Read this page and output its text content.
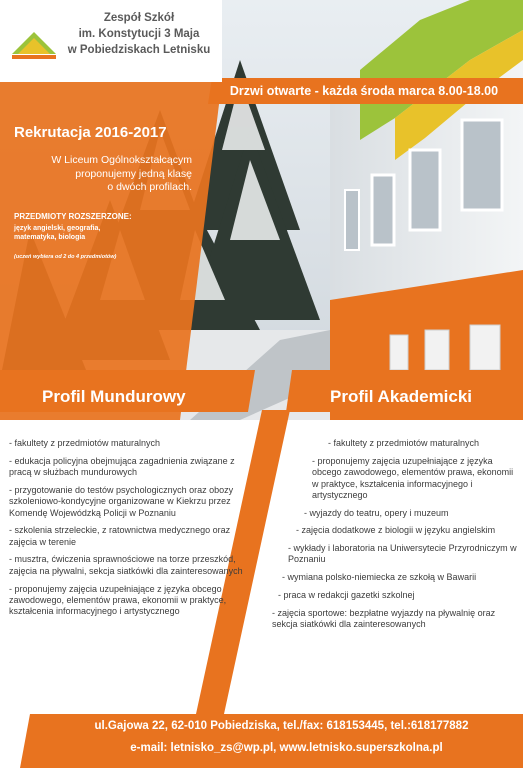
Zespół Szkół
im. Konstytucji 3 Maja
w Pobiedziskach Letnisku
Drzwi otwarte - każda środa marca 8.00-18.00
Rekrutacja 2016-2017
W Liceum Ogólnokształcącym
proponujemy jedną klasę
o dwóch profilach.
PRZEDMIOTY ROZSZERZONE:
język angielski, geografia,
matematyka, biologia
(uczeń wybiera od 2 do 4 przedmiotów)
Profil Mundurowy	Profil Akademicki
- fakultety z przedmiotów maturalnych
- edukacja policyjna obejmująca zagadnienia związane z pracą w służbach mundurowych
- przygotowanie do testów psychologicznych oraz obozy szkoleniowo-kondycyjne organizowane w Kiekrzu przez Komendę Wojewódzką Policji w Poznaniu
- szkolenia strzeleckie, z ratownictwa medycznego oraz zajęcia w terenie
- musztra, ćwiczenia sprawnościowe na torze przeszkód, zajęcia na pływalni, sekcja siatkówki dla zainteresowanych
- proponujemy zajęcia uzupełniające z języka obcego zawodowego, elementów prawa, ekonomii w praktyce, kształcenia informacyjnego i artystycznego
- fakultety z przedmiotów maturalnych
- proponujemy zajęcia uzupełniające z języka obcego zawodowego, elementów prawa, ekonomii w praktyce, kształcenia informacyjnego i artystycznego
- wyjazdy do teatru, opery i muzeum
- zajęcia dodatkowe z biologii w języku angielskim
- wykłady i laboratoria na Uniwersytecie Przyrodniczym w Poznaniu
- wymiana polsko-niemiecka ze szkołą w Bawarii
- praca w redakcji gazetki szkolnej
- zajęcia sportowe: bezpłatne wyjazdy na pływalnię oraz sekcja siatkówki dla zainteresowanych
ul.Gajowa 22, 62-010 Pobiedziska, tel./fax: 618153445, tel.:618177882
e-mail: letnisko_zs@wp.pl, www.letnisko.superszkolna.pl
